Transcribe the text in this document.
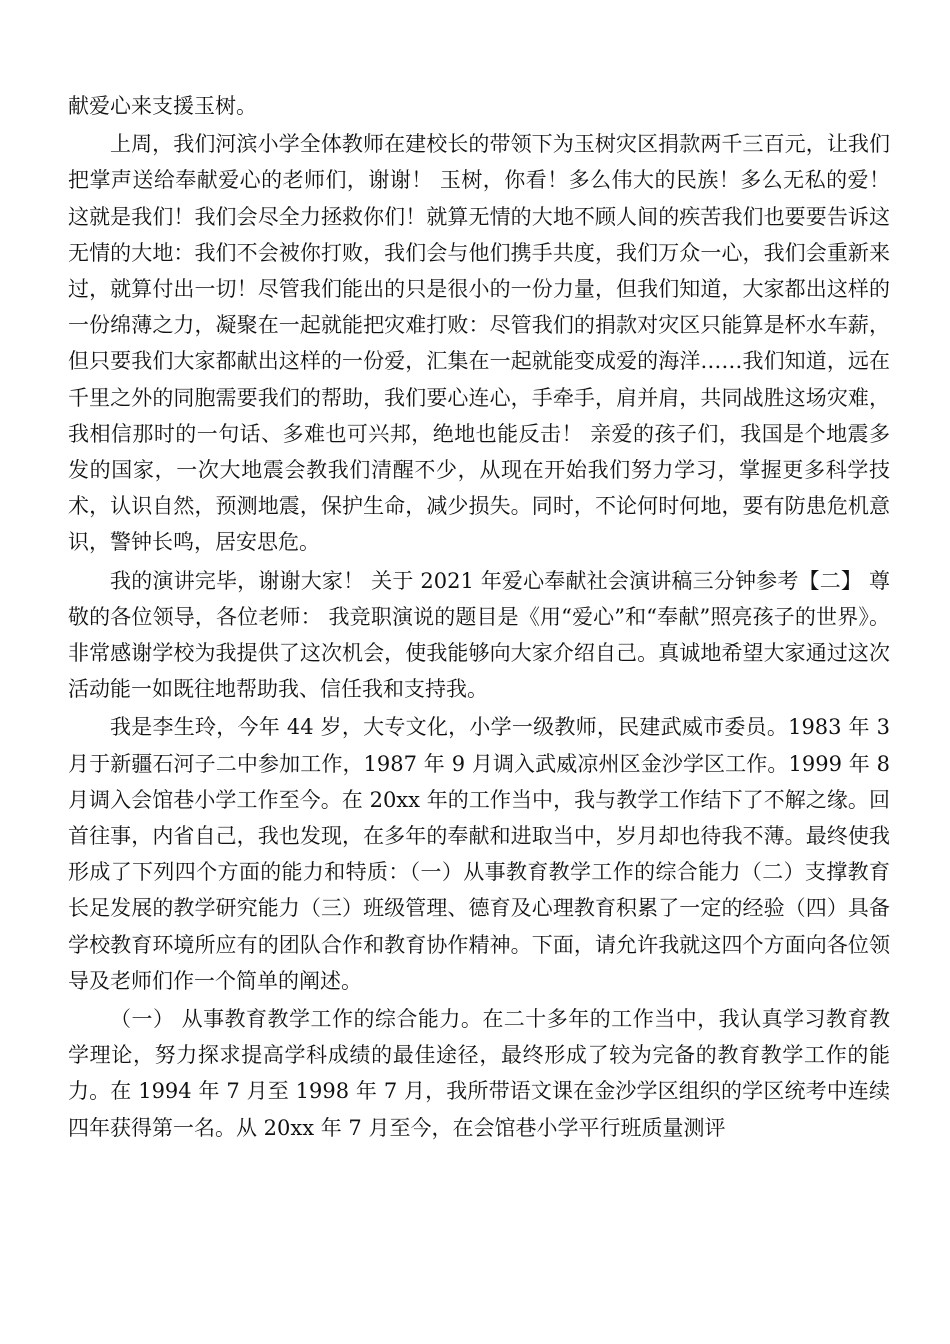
献爱心来支援玉树。

上周，我们河滨小学全体教师在建校长的带领下为玉树灾区捐款两千三百元，让我们把掌声送给奉献爱心的老师们，谢谢！ 玉树，你看！多么伟大的民族！多么无私的爱！这就是我们！我们会尽全力拯救你们！就算无情的大地不顾人间的疾苦我们也要要告诉这无情的大地：我们不会被你打败，我们会与他们携手共度，我们万众一心，我们会重新来过，就算付出一切！尽管我们能出的只是很小的一份力量，但我们知道，大家都出这样的一份绵薄之力，凝聚在一起就能把灾难打败：尽管我们的捐款对灾区只能算是杯水车薪，但只要我们大家都献出这样的一份爱，汇集在一起就能变成爱的海洋……我们知道，远在千里之外的同胞需要我们的帮助，我们要心连心，手牵手，肩并肩，共同战胜这场灾难，我相信那时的一句话、多难也可兴邦，绝地也能反击！ 亲爱的孩子们，我国是个地震多发的国家，一次大地震会教我们清醒不少，从现在开始我们努力学习，掌握更多科学技术，认识自然，预测地震，保护生命，减少损失。同时，不论何时何地，要有防患危机意识，警钟长鸣，居安思危。

我的演讲完毕，谢谢大家！ 关于 2021 年爱心奉献社会演讲稿三分钟参考【二】 尊敬的各位领导，各位老师： 我竞职演说的题目是《用“爱心”和“奉献”照亮孩子的世界》。非常感谢学校为我提供了这次机会，使我能够向大家介绍自己。真诚地希望大家通过这次活动能一如既往地帮助我、信任我和支持我。

我是李生玲，今年 44 岁，大专文化，小学一级教师，民建武威市委员。1983 年 3 月于新疆石河子二中参加工作，1987 年 9 月调入武威凉州区金沙学区工作。1999 年 8 月调入会馆巷小学工作至今。在 20xx 年的工作当中，我与教学工作结下了不解之缘。回首往事，内省自己，我也发现，在多年的奉献和进取当中，岁月却也待我不薄。最终使我形成了下列四个方面的能力和特质：（一）从事教育教学工作的综合能力（二）支撑教育长足发展的教学研究能力（三）班级管理、德育及心理教育积累了一定的经验（四）具备学校教育环境所应有的团队合作和教育协作精神。下面，请允许我就这四个方面向各位领导及老师们作一个简单的阐述。

（一） 从事教育教学工作的综合能力。在二十多年的工作当中，我认真学习教育教学理论，努力探求提高学科成绩的最佳途径，最终形成了较为完备的教育教学工作的能力。在 1994 年 7 月至 1998 年 7 月，我所带语文课在金沙学区组织的学区统考中连续四年获得第一名。从 20xx 年 7 月至今，在会馆巷小学平行班质量测评
